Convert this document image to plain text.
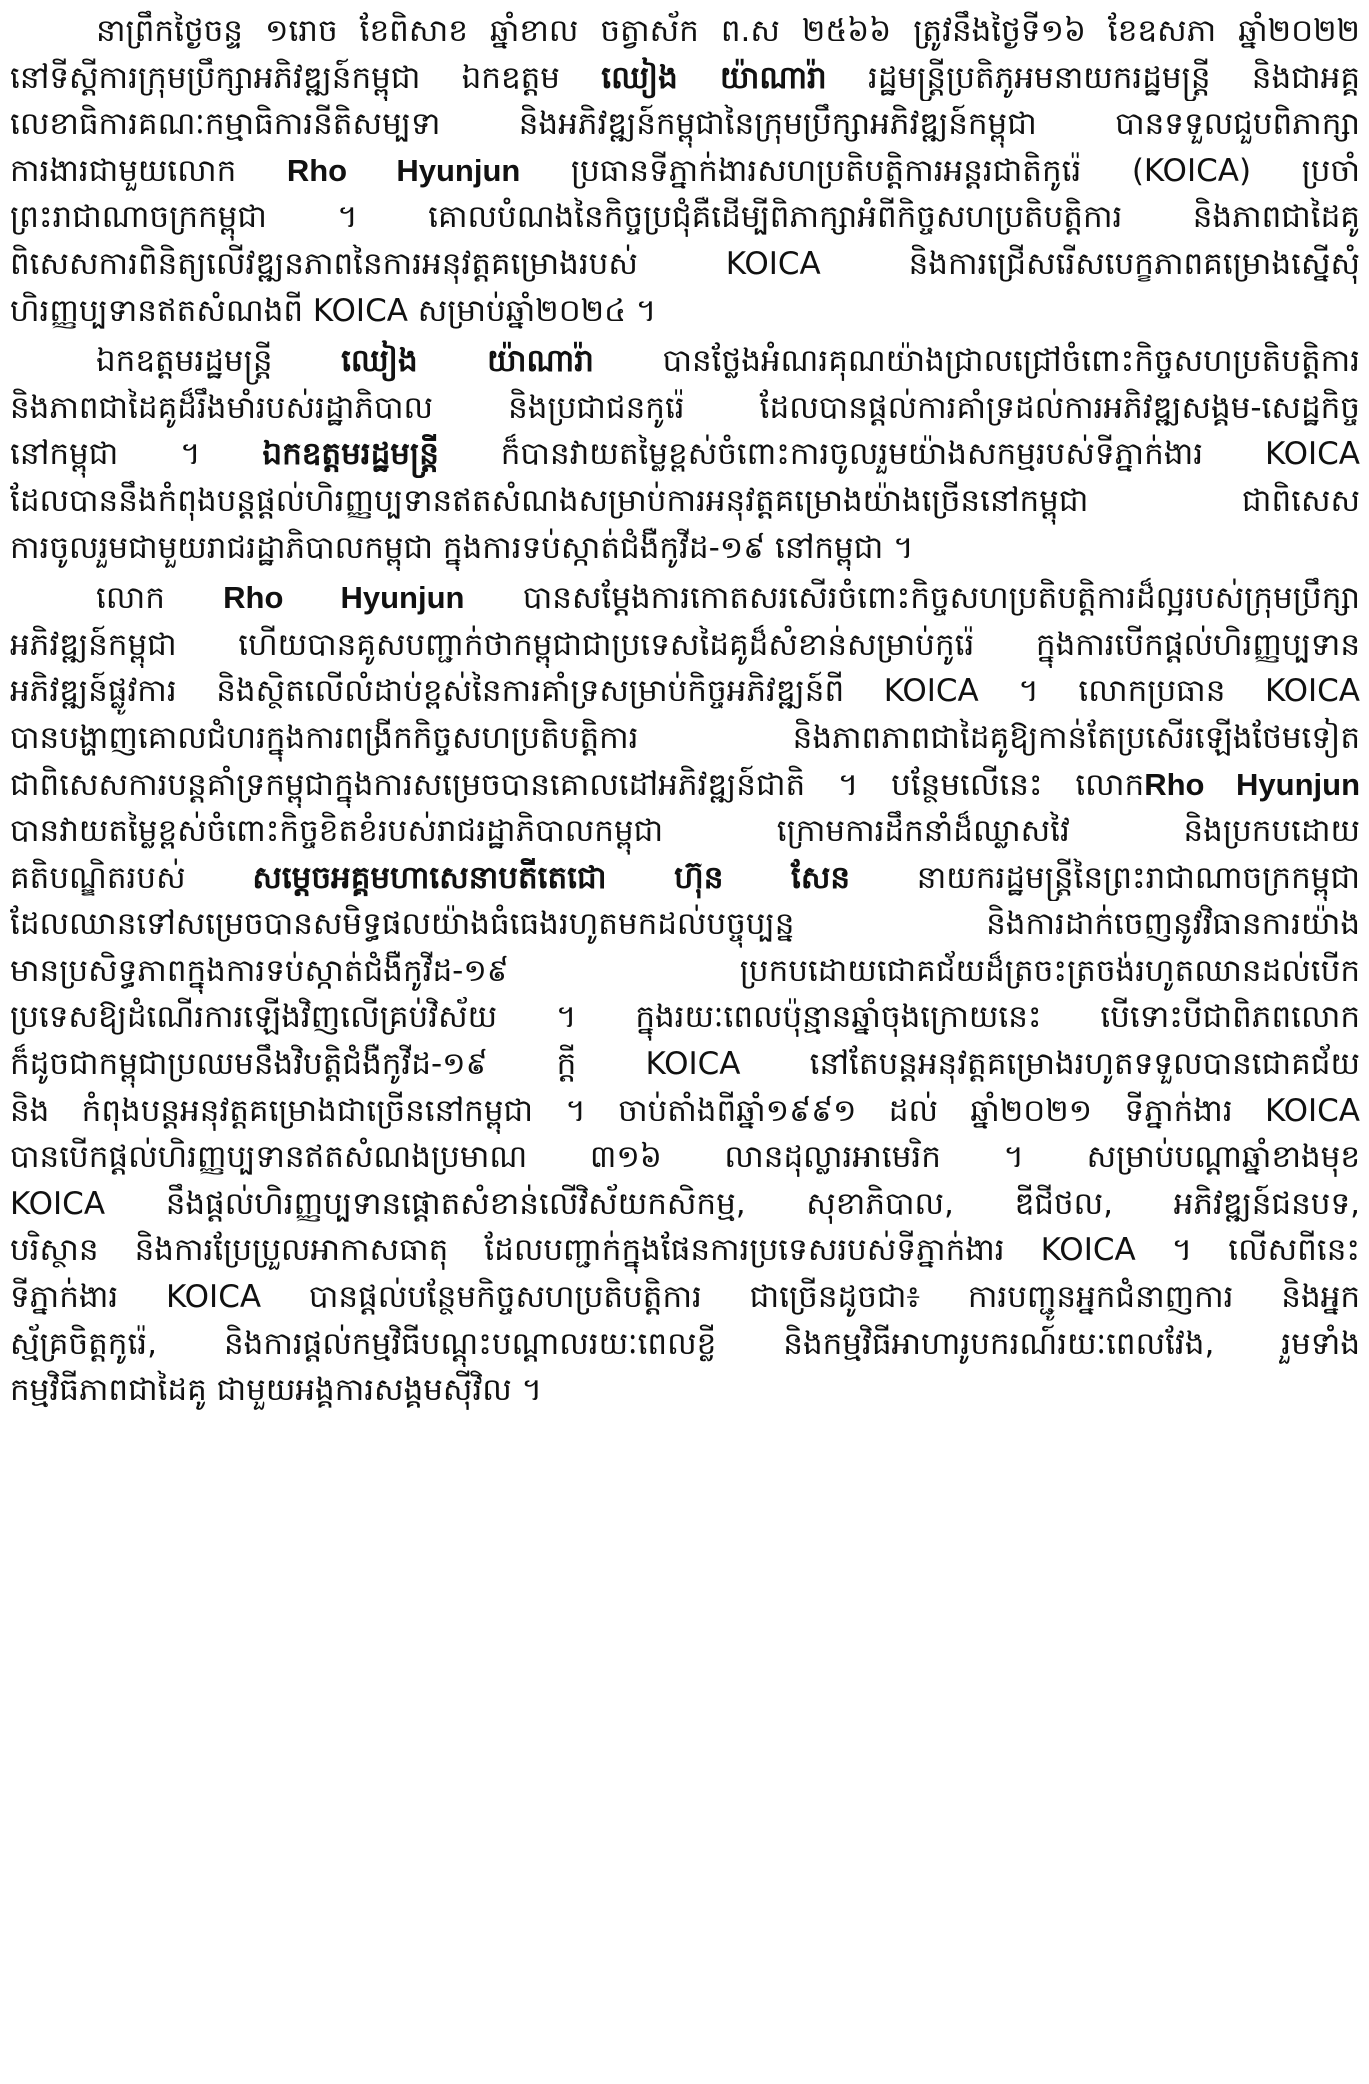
នាព្រឹកថ្ងៃចន្ទ ១រោច ខែពិសាខ ឆ្នាំខាល ចត្វាស័ក ព.ស ២៥៦៦ ត្រូវនឹងថ្ងៃទី១៦ ខែឧសភា ឆ្នាំ២០២២
នៅទីស្ដីការក្រុមប្រឹក្សាអភិវឌ្ឍន៍កម្ពុជា ឯកឧត្តម ឈៀង យ៉ាណារ៉ា រដ្ឋមន្ត្រីប្រតិភូអមនាយករដ្ឋមន្ត្រី និងជាអគ្គ
លេខាធិការគណៈកម្មាធិការនីតិសម្បទា និងអភិវឌ្ឍន៍កម្ពុជានៃក្រុមប្រឹក្សាអភិវឌ្ឍន៍កម្ពុជា បានទទួលជួបពិភាក្សា
ការងារជាមួយលោក Rho Hyunjun ប្រធានទីភ្នាក់ងារសហប្រតិបត្តិការអន្តរជាតិកូរ៉េ (KOICA) ប្រចាំ
ព្រះរាជាណាចក្រកម្ពុជា ។ គោលបំណងនៃកិច្ចប្រជុំគឺដើម្បីពិភាក្សាអំពីកិច្ចសហប្រតិបត្តិការ និងភាពជាដៃគូ
ពិសេសការពិនិត្យលើវឌ្ឍនភាពនៃការអនុវត្តគម្រោងរបស់ KOICA និងការជ្រើសរើសបេក្ខភាពគម្រោងស្នើសុំ
ហិរញ្ញប្បទានឥតសំណងពី KOICA សម្រាប់ឆ្នាំ២០២៤ ។
ឯកឧត្តមរដ្ឋមន្ត្រី ឈៀង យ៉ាណារ៉ា បានថ្លែងអំណរគុណយ៉ាងជ្រាលជ្រៅចំពោះកិច្ចសហប្រតិបត្តិការ
និងភាពជាដៃគូដ៏រឹងមាំរបស់រដ្ឋាភិបាល និងប្រជាជនកូរ៉េ ដែលបានផ្ដល់ការគាំទ្រដល់ការអភិវឌ្ឍសង្គម-សេដ្ឋកិច្ច
នៅកម្ពុជា ។ ឯកឧត្តមរដ្ឋមន្ត្រី ក៏បានវាយតម្លៃខ្ពស់ចំពោះការចូលរួមយ៉ាងសកម្មរបស់ទីភ្នាក់ងារ KOICA
ដែលបាននឹងកំពុងបន្តផ្ដល់ហិរញ្ញប្បទានឥតសំណងសម្រាប់ការអនុវត្តគម្រោងយ៉ាងច្រើននៅកម្ពុជា ជាពិសេស
ការចូលរួមជាមួយរាជរដ្ឋាភិបាលកម្ពុជា ក្នុងការទប់ស្កាត់ជំងឺកូវីដ-១៩ នៅកម្ពុជា ។
លោក Rho Hyunjun បានសម្ដែងការកោតសរសើរចំពោះកិច្ចសហប្រតិបត្តិការដ៏ល្អរបស់ក្រុមប្រឹក្សា
អភិវឌ្ឍន៍កម្ពុជា ហើយបានគូសបញ្ជាក់ថាកម្ពុជាជាប្រទេសដៃគូដ៏សំខាន់សម្រាប់កូរ៉េ ក្នុងការបើកផ្ដល់ហិរញ្ញប្បទាន
អភិវឌ្ឍន៍ផ្លូវការ និងស្ថិតលើលំដាប់ខ្ពស់នៃការគាំទ្រសម្រាប់កិច្ចអភិវឌ្ឍន៍ពី KOICA ។ លោកប្រធាន KOICA
បានបង្ហាញគោលជំហរក្នុងការពង្រីកកិច្ចសហប្រតិបត្តិការ និងភាពភាពជាដៃគូឱ្យកាន់តែប្រសើរឡើងថែមទៀត
ជាពិសេសការបន្តគាំទ្រកម្ពុជាក្នុងការសម្រេចបានគោលដៅអភិវឌ្ឍន៍ជាតិ ។ បន្ថែមលើនេះ លោកRho Hyunjun
បានវាយតម្លៃខ្ពស់ចំពោះកិច្ចខិតខំរបស់រាជរដ្ឋាភិបាលកម្ពុជា ក្រោមការដឹកនាំដ៏ឈ្លាសវៃ និងប្រកបដោយ
គតិបណ្ឌិតរបស់ សម្ដេចអគ្គមហាសេនាបតីតេជោ ហ៊ុន សែន នាយករដ្ឋមន្ត្រីនៃព្រះរាជាណាចក្រកម្ពុជា
ដែលឈានទៅសម្រេចបានសមិទ្ធផលយ៉ាងធំធេងរហូតមកដល់បច្ចុប្បន្ន និងការដាក់ចេញនូវវិធានការយ៉ាង
មានប្រសិទ្ធភាពក្នុងការទប់ស្កាត់ជំងឺកូវីដ-១៩ ប្រកបដោយជោគជ័យដ៏ត្រចះត្រចង់រហូតឈានដល់បើក
ប្រទេសឱ្យដំណើរការឡើងវិញលើគ្រប់វិស័យ ។ ក្នុងរយៈពេលប៉ុន្មានឆ្នាំចុងក្រោយនេះ បើទោះបីជាពិភពលោក
ក៏ដូចជាកម្ពុជាប្រឈមនឹងវិបត្តិជំងឺកូវីដ-១៩ ក្ដី KOICA នៅតែបន្តអនុវត្តគម្រោងរហូតទទួលបានជោគជ័យ
និង កំពុងបន្តអនុវត្តគម្រោងជាច្រើននៅកម្ពុជា ។ ចាប់តាំងពីឆ្នាំ១៩៩១ ដល់ ឆ្នាំ២០២១ ទីភ្នាក់ងារ KOICA
បានបើកផ្ដល់ហិរញ្ញប្បទានឥតសំណងប្រមាណ ៣១៦ លានដុល្លារអាមេរិក ។ សម្រាប់បណ្ដាឆ្នាំខាងមុខ
KOICA នឹងផ្ដល់ហិរញ្ញប្បទានផ្ដោតសំខាន់លើវិស័យកសិកម្ម, សុខាភិបាល, ឌីជីថល, អភិវឌ្ឍន៍ជនបទ,
បរិស្ថាន និងការប្រែប្រួលអាកាសធាតុ ដែលបញ្ជាក់ក្នុងផែនការប្រទេសរបស់ទីភ្នាក់ងារ KOICA ។ លើសពីនេះ
ទីភ្នាក់ងារ KOICA បានផ្ដល់បន្ថែមកិច្ចសហប្រតិបត្តិការ ជាច្រើនដូចជា៖ ការបញ្ជូនអ្នកជំនាញការ និងអ្នក
ស្ម័គ្រចិត្តកូរ៉េ, និងការផ្ដល់កម្មវិធីបណ្ដុះបណ្ដាលរយៈពេលខ្លី និងកម្មវិធីអាហារូបករណ៍រយៈពេលវែង, រួមទាំង
កម្មវិធីភាពជាដៃគូ ជាមួយអង្គការសង្គមស៊ីវិល ។
